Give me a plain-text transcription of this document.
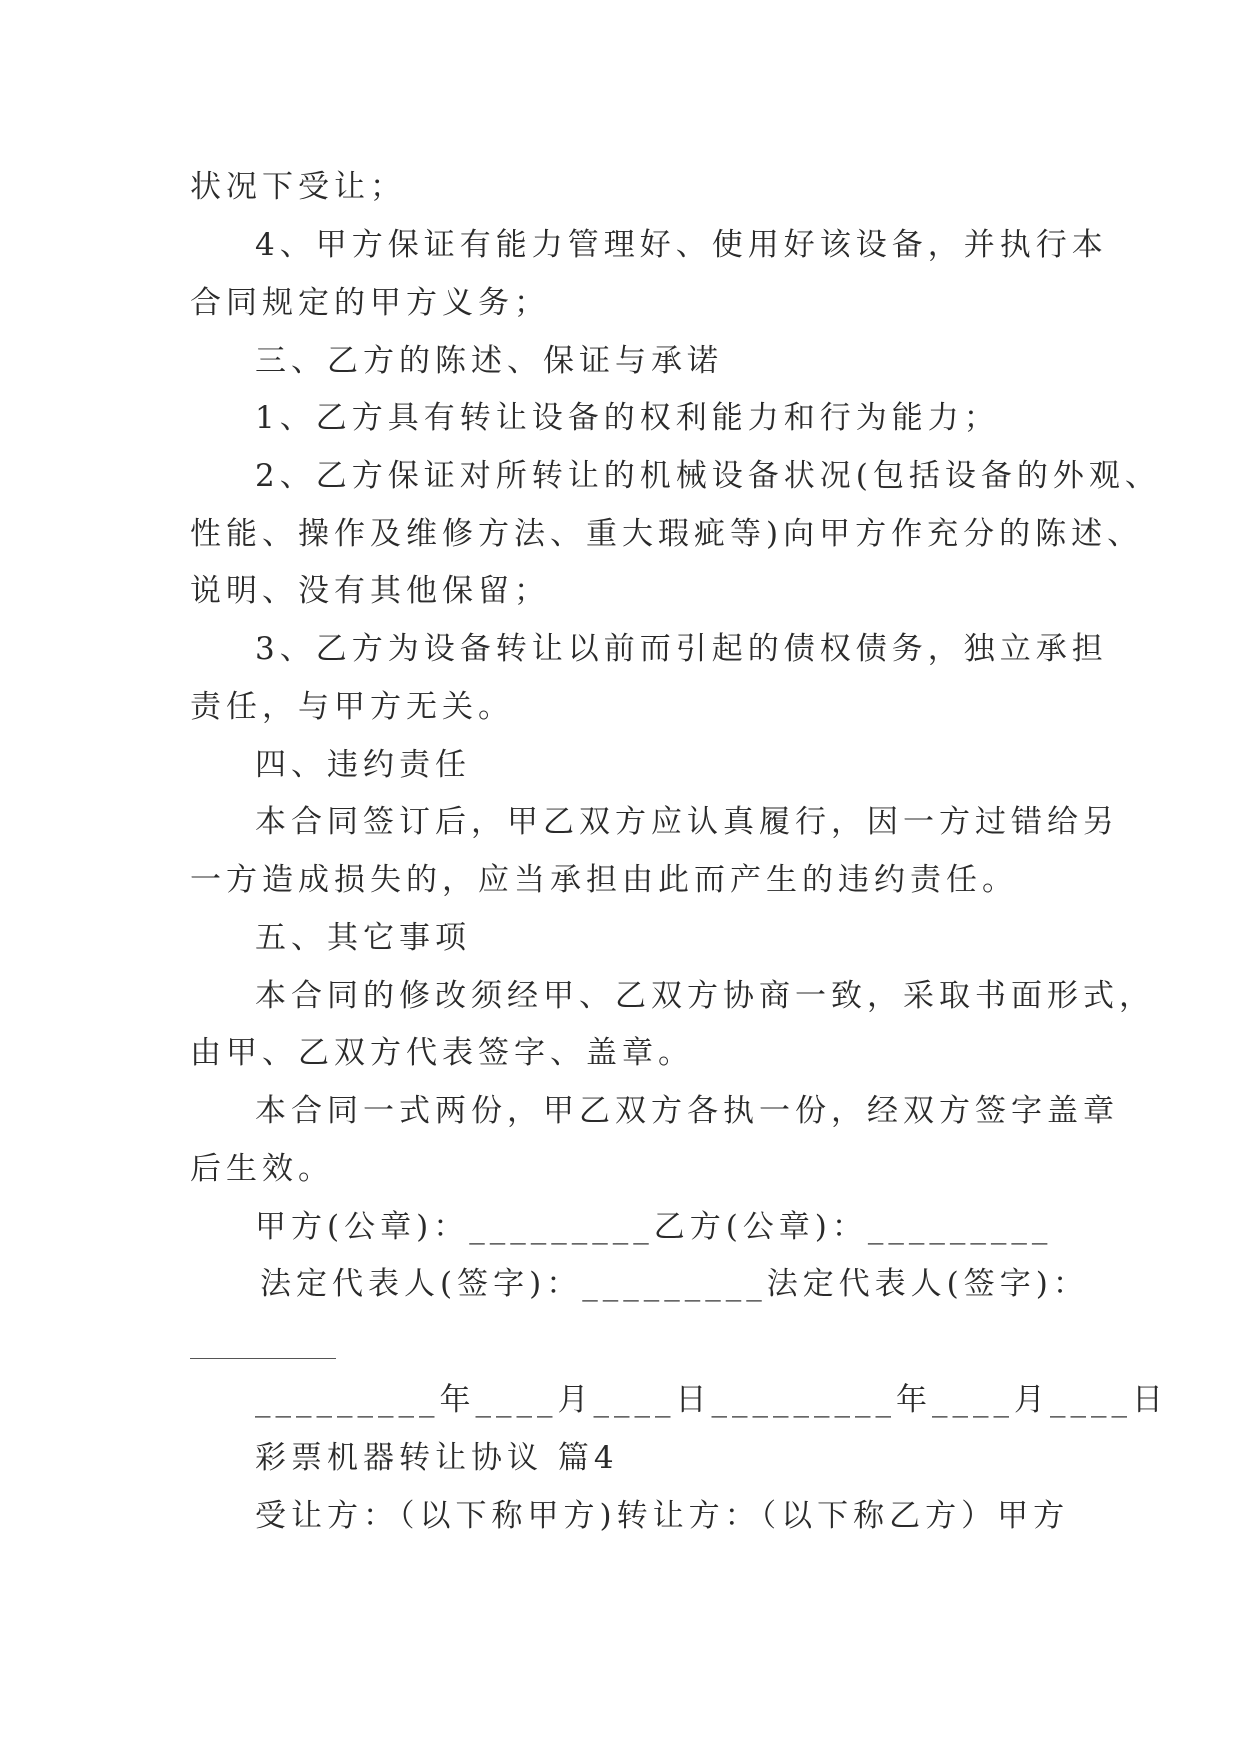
状况下受让；
4、甲方保证有能力管理好、使用好该设备，并执行本
合同规定的甲方义务；
三、乙方的陈述、保证与承诺
1、乙方具有转让设备的权利能力和行为能力；
2、乙方保证对所转让的机械设备状况(包括设备的外观、
性能、操作及维修方法、重大瑕疵等)向甲方作充分的陈述、
说明、没有其他保留；
3、乙方为设备转让以前而引起的债权债务，独立承担
责任，与甲方无关。
四、违约责任
本合同签订后，甲乙双方应认真履行，因一方过错给另
一方造成损失的，应当承担由此而产生的违约责任。
五、其它事项
本合同的修改须经甲、乙双方协商一致，采取书面形式，
由甲、乙双方代表签字、盖章。
本合同一式两份，甲乙双方各执一份，经双方签字盖章
后生效。
甲方(公章)：_________乙方(公章)：_________
法定代表人(签字)：_________法定代表人(签字)：
_________年____月____日_________年____月____日
彩票机器转让协议 篇4
受让方：（以下称甲方)转让方：（以下称乙方）甲方
